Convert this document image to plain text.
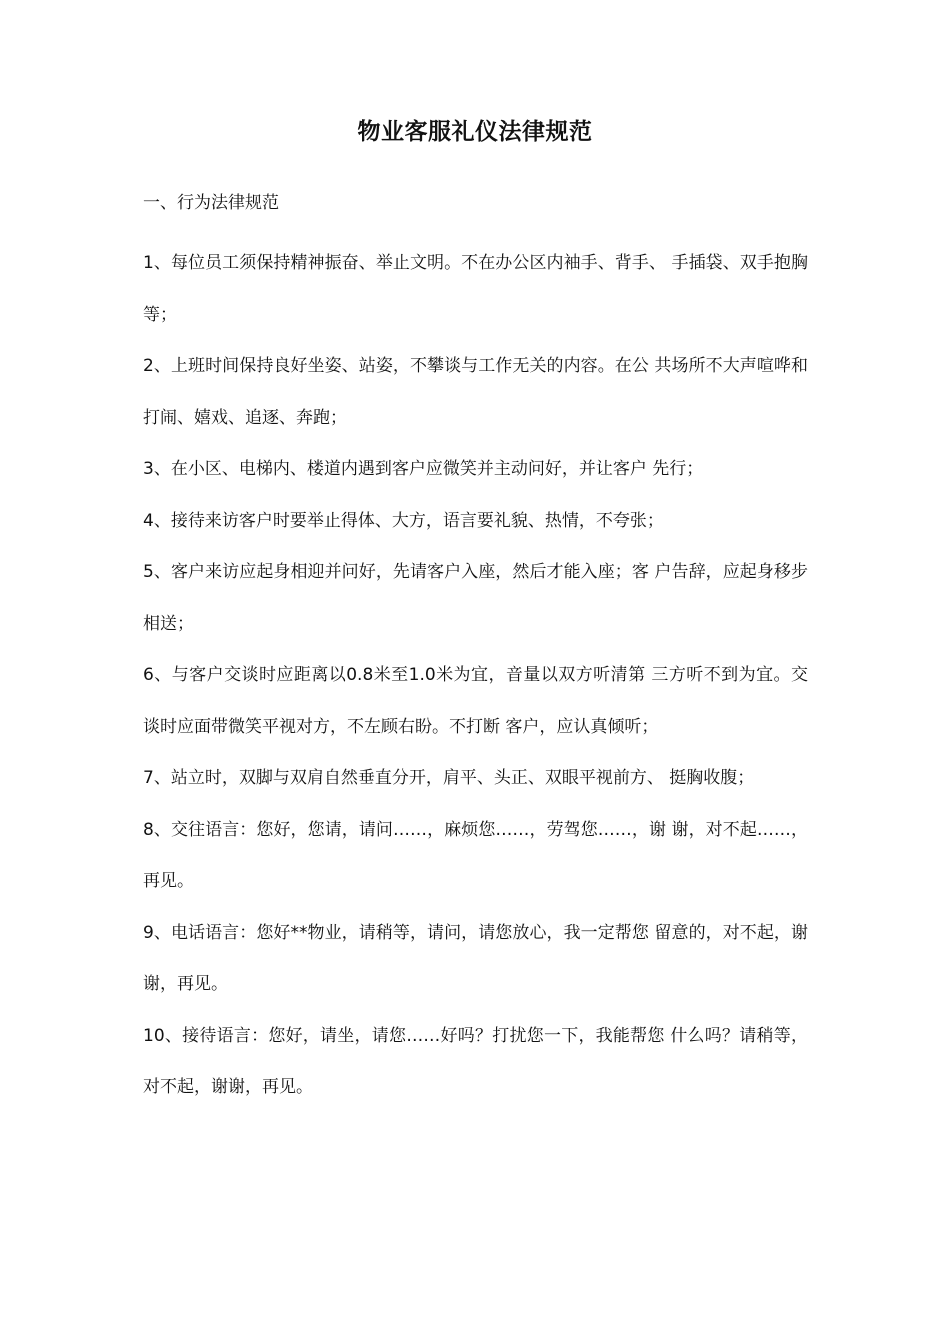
物业客服礼仪法律规范
一、行为法律规范

1、每位员工须保持精神振奋、举止文明。不在办公区内袖手、背手、 手插袋、双手抱胸等；

2、上班时间保持良好坐姿、站姿，不攀谈与工作无关的内容。在公 共场所不大声喧哗和打闹、嬉戏、追逐、奔跑；

3、在小区、电梯内、楼道内遇到客户应微笑并主动问好，并让客户 先行；

4、接待来访客户时要举止得体、大方，语言要礼貌、热情，不夸张；

5、客户来访应起身相迎并问好，先请客户入座，然后才能入座；客 户告辞，应起身移步相送；

6、与客户交谈时应距离以0.8米至1.0米为宜，音量以双方听清第 三方听不到为宜。交谈时应面带微笑平视对方，不左顾右盼。不打断 客户，应认真倾听；

7、站立时，双脚与双肩自然垂直分开，肩平、头正、双眼平视前方、 挺胸收腹；

8、交往语言：您好，您请，请问……，麻烦您……，劳驾您……，谢 谢，对不起……，再见。

9、电话语言：您好**物业，请稍等，请问，请您放心，我一定帮您 留意的，对不起，谢谢，再见。

10、接待语言：您好，请坐，请您……好吗？打扰您一下，我能帮您 什么吗？请稍等，对不起，谢谢，再见。
